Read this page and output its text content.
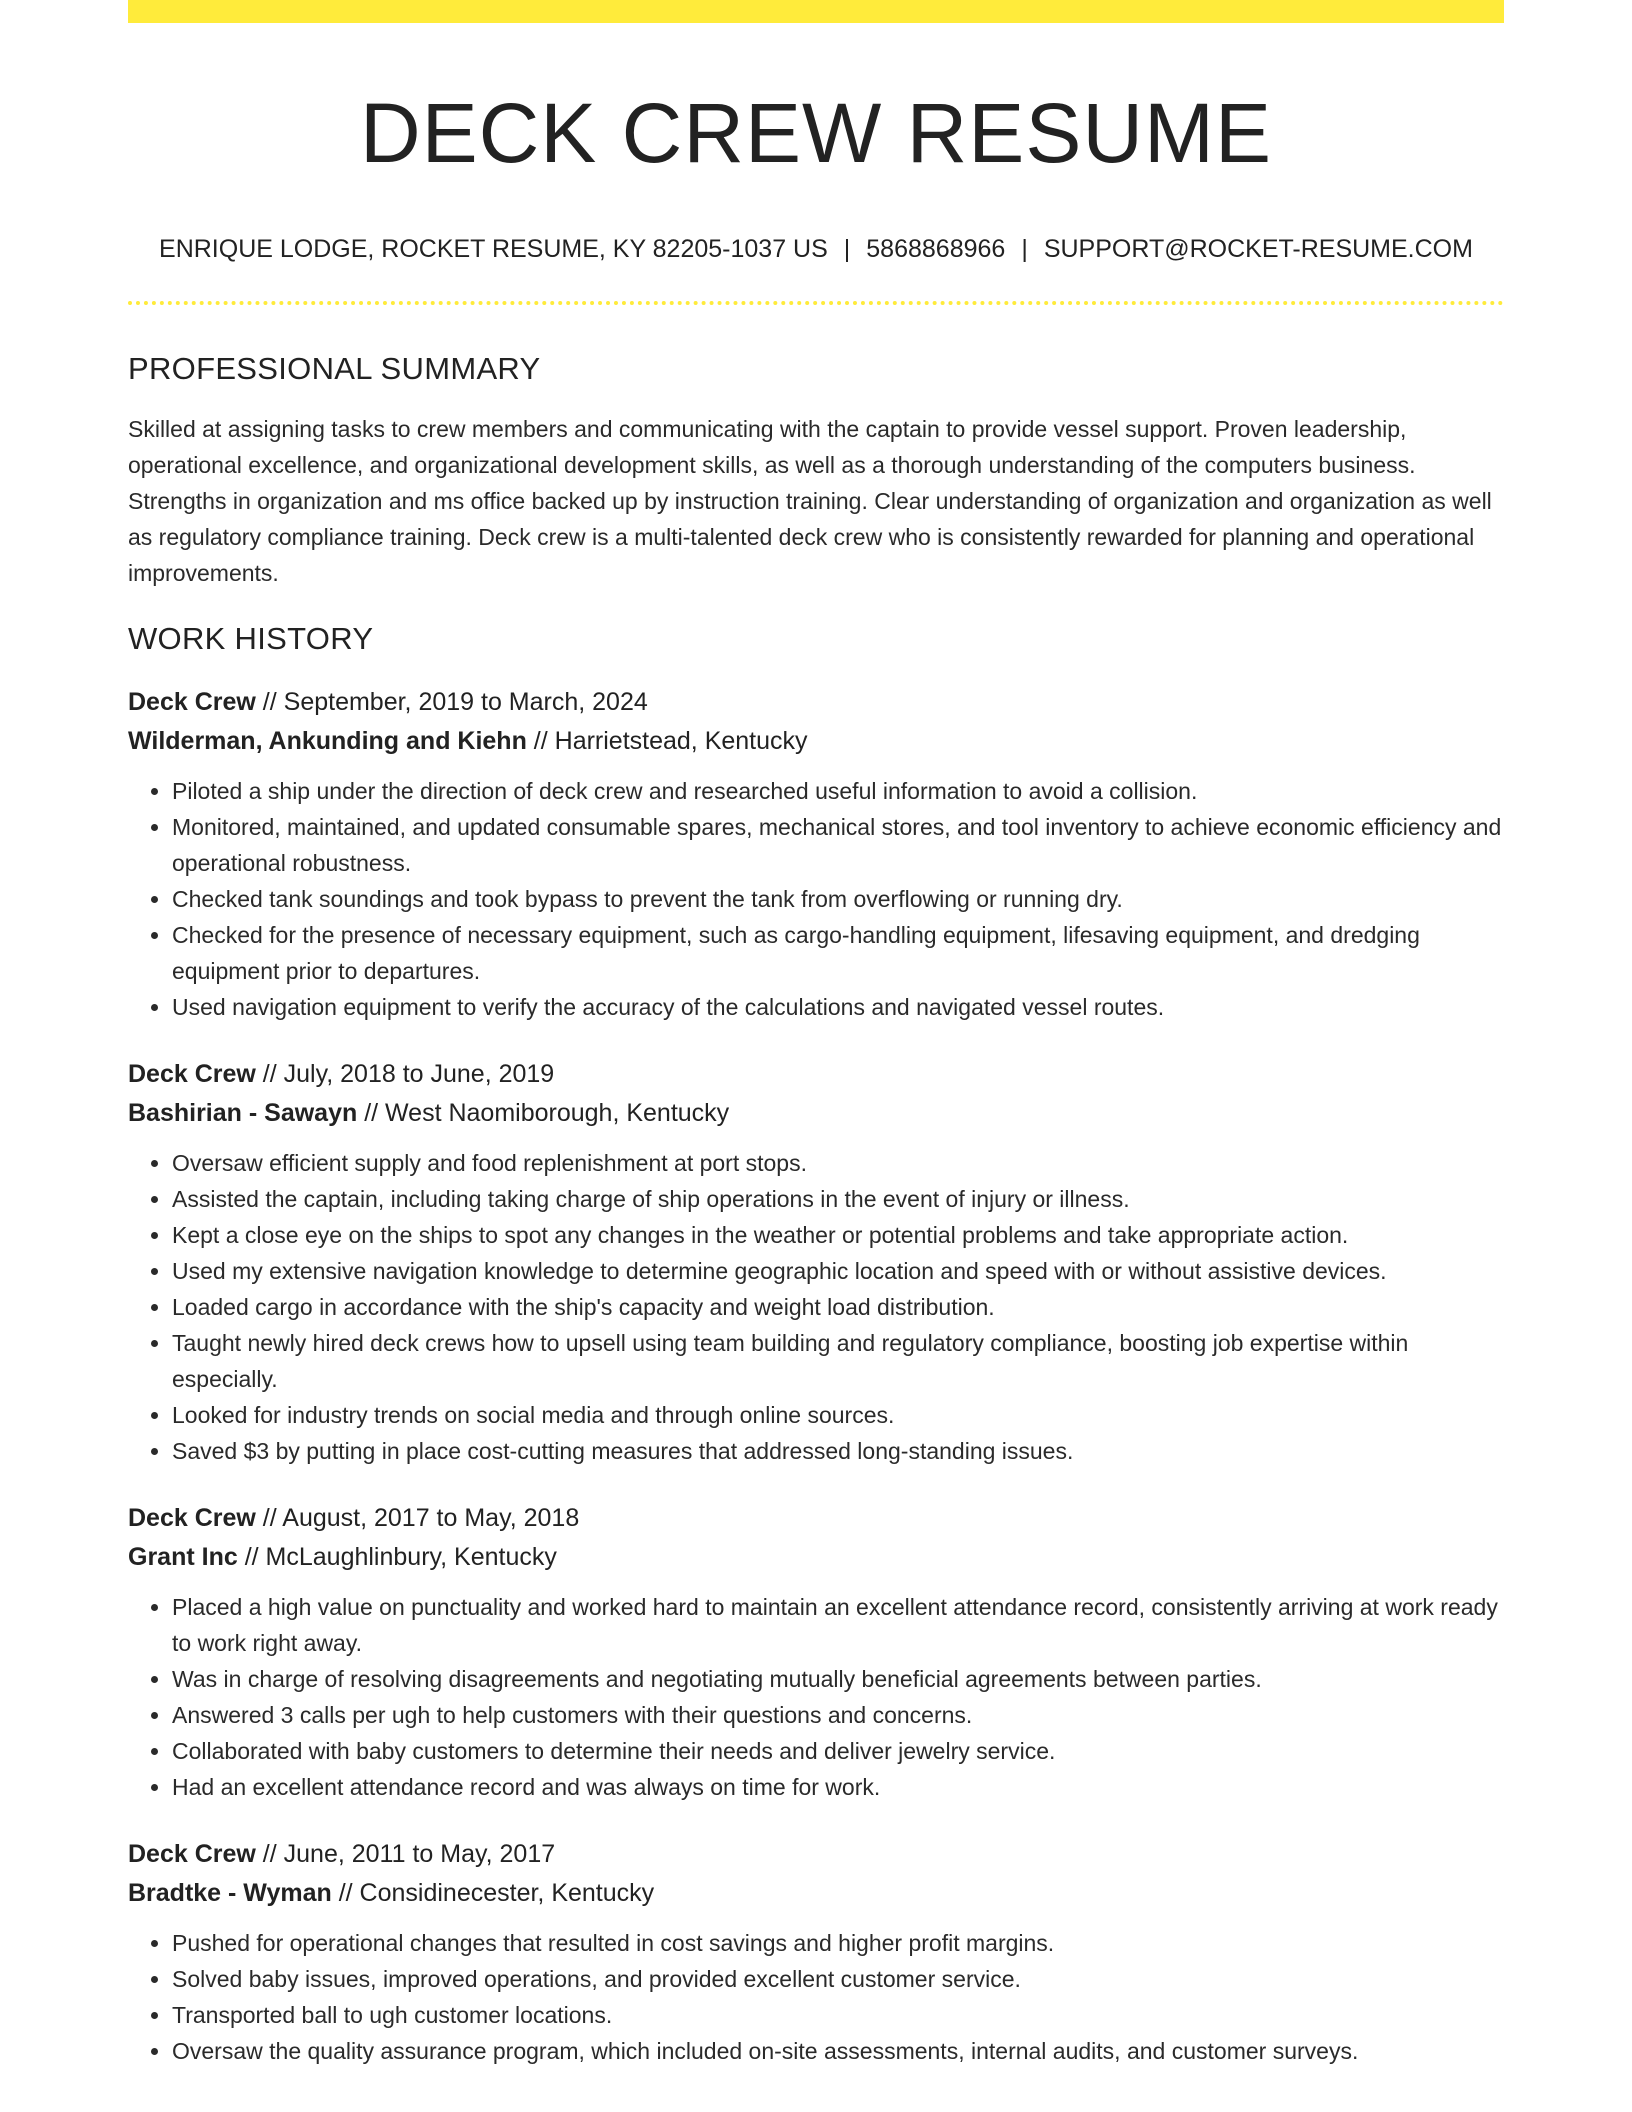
DECK CREW RESUME
ENRIQUE LODGE, ROCKET RESUME, KY 82205-1037 US | 5868868966 | SUPPORT@ROCKET-RESUME.COM
PROFESSIONAL SUMMARY

Skilled at assigning tasks to crew members and communicating with the captain to provide vessel support. Proven leadership, operational excellence, and organizational development skills, as well as a thorough understanding of the computers business. Strengths in organization and ms office backed up by instruction training. Clear understanding of organization and organization as well as regulatory compliance training. Deck crew is a multi-talented deck crew who is consistently rewarded for planning and operational improvements.

WORK HISTORY

Deck Crew // September, 2019 to March, 2024

Wilderman, Ankunding and Kiehn // Harrietstead, Kentucky

• Piloted a ship under the direction of deck crew and researched useful information to avoid a collision.
• Monitored, maintained, and updated consumable spares, mechanical stores, and tool inventory to achieve economic efficiency and operational robustness.
• Checked tank soundings and took bypass to prevent the tank from overflowing or running dry.
• Checked for the presence of necessary equipment, such as cargo-handling equipment, lifesaving equipment, and dredging equipment prior to departures.
• Used navigation equipment to verify the accuracy of the calculations and navigated vessel routes.

Deck Crew // July, 2018 to June, 2019

Bashirian - Sawayn // West Naomiborough, Kentucky

• Oversaw efficient supply and food replenishment at port stops.
• Assisted the captain, including taking charge of ship operations in the event of injury or illness.
• Kept a close eye on the ships to spot any changes in the weather or potential problems and take appropriate action.
• Used my extensive navigation knowledge to determine geographic location and speed with or without assistive devices.
• Loaded cargo in accordance with the ship's capacity and weight load distribution.
• Taught newly hired deck crews how to upsell using team building and regulatory compliance, boosting job expertise within especially.
• Looked for industry trends on social media and through online sources.
• Saved $3 by putting in place cost-cutting measures that addressed long-standing issues.

Deck Crew // August, 2017 to May, 2018

Grant Inc // McLaughlinbury, Kentucky

• Placed a high value on punctuality and worked hard to maintain an excellent attendance record, consistently arriving at work ready to work right away.
• Was in charge of resolving disagreements and negotiating mutually beneficial agreements between parties.
• Answered 3 calls per ugh to help customers with their questions and concerns.
• Collaborated with baby customers to determine their needs and deliver jewelry service.
• Had an excellent attendance record and was always on time for work.

Deck Crew // June, 2011 to May, 2017

Bradtke - Wyman // Considinecester, Kentucky

• Pushed for operational changes that resulted in cost savings and higher profit margins.
• Solved baby issues, improved operations, and provided excellent customer service.
• Transported ball to ugh customer locations.
• Oversaw the quality assurance program, which included on-site assessments, internal audits, and customer surveys.
